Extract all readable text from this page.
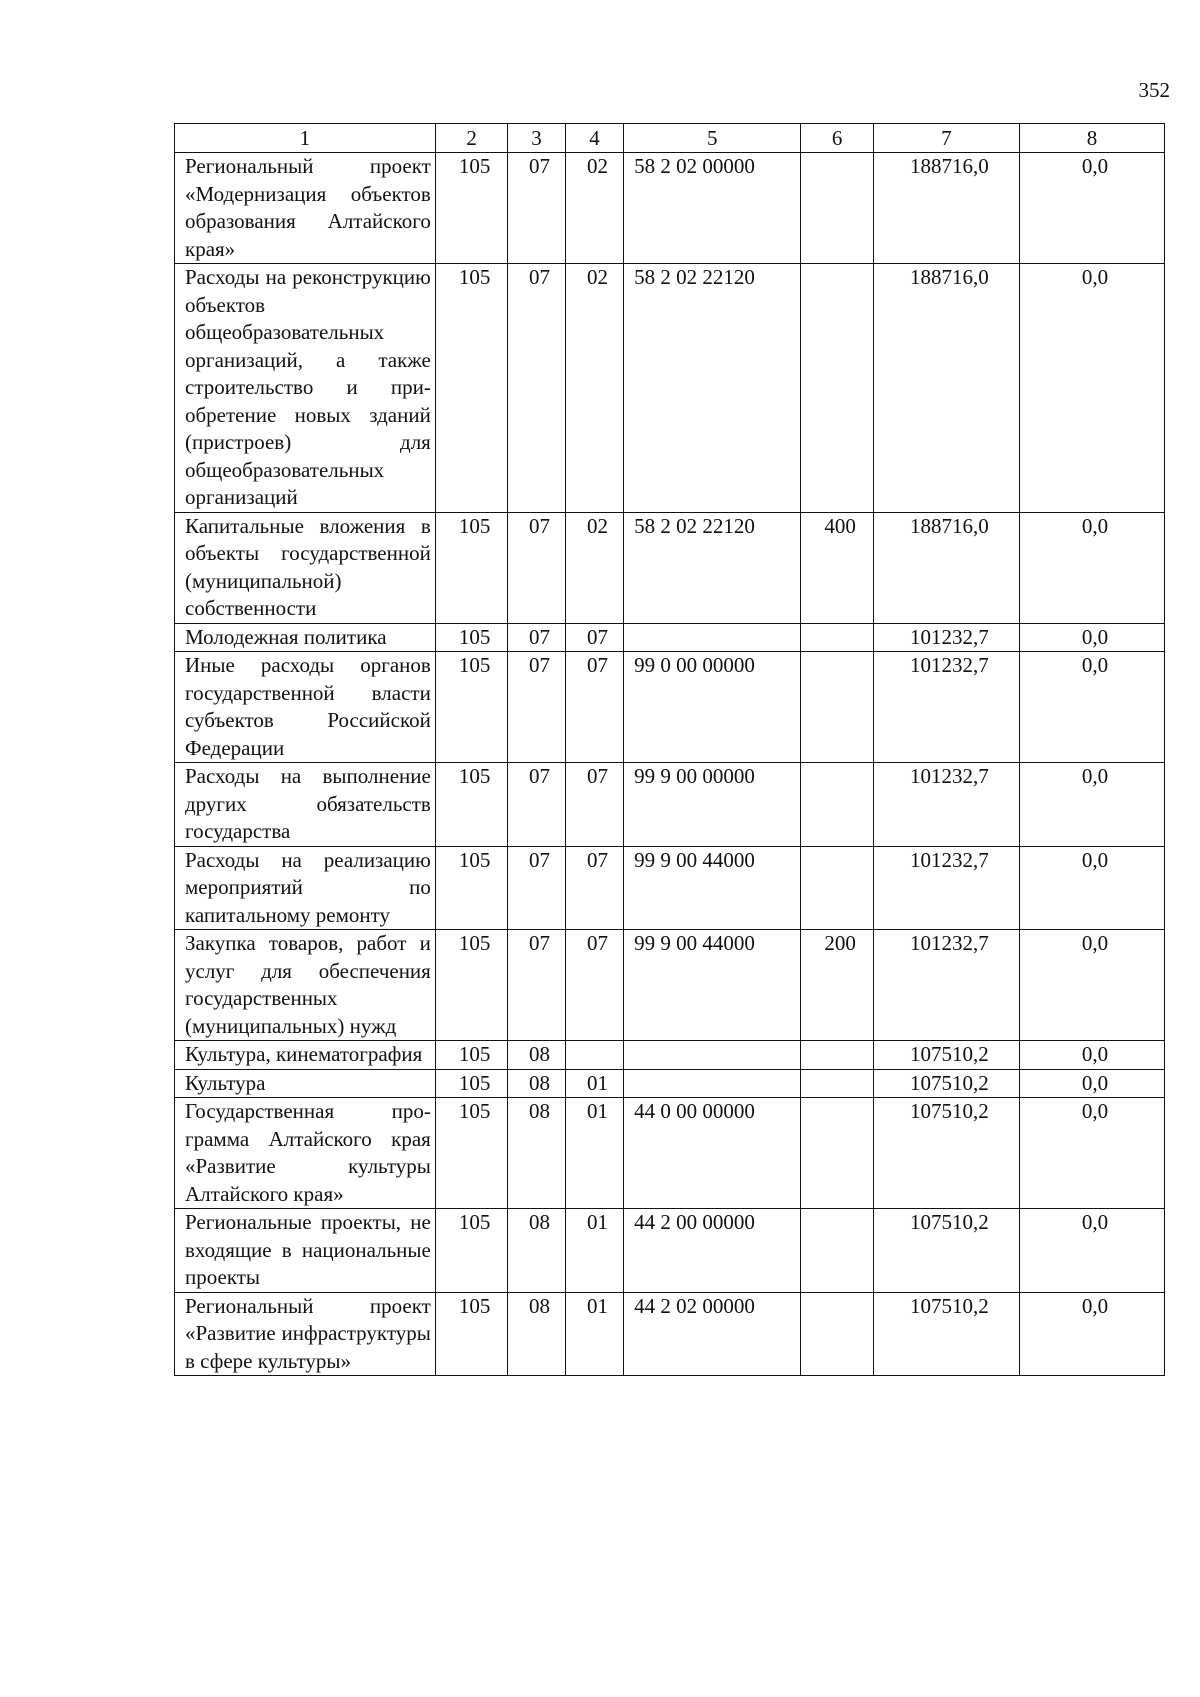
352
1	2	3	4	5	6	7	8
Региональный проект «Модернизация объектов образования Алтайского края»	105	07	02	58 2 02 00000		188716,0	0,0
Расходы на реконструкцию объектов общеобразовательных организаций, а также строительство и приобретение новых зданий (пристроев) для общеобразовательных организаций	105	07	02	58 2 02 22120		188716,0	0,0
Капитальные вложения в объекты государственной (муниципальной) собственности	105	07	02	58 2 02 22120	400	188716,0	0,0
Молодежная политика	105	07	07			101232,7	0,0
Иные расходы органов государственной власти субъектов Российской Федерации	105	07	07	99 0 00 00000		101232,7	0,0
Расходы на выполнение других обязательств государства	105	07	07	99 9 00 00000		101232,7	0,0
Расходы на реализацию мероприятий по капитальному ремонту	105	07	07	99 9 00 44000		101232,7	0,0
Закупка товаров, работ и услуг для обеспечения государственных (муниципальных) нужд	105	07	07	99 9 00 44000	200	101232,7	0,0
Культура, кинематография	105	08				107510,2	0,0
Культура	105	08	01			107510,2	0,0
Государственная программа Алтайского края «Развитие культуры Алтайского края»	105	08	01	44 0 00 00000		107510,2	0,0
Региональные проекты, не входящие в национальные проекты	105	08	01	44 2 00 00000		107510,2	0,0
Региональный проект «Развитие инфраструктуры в сфере культуры»	105	08	01	44 2 02 00000		107510,2	0,0
